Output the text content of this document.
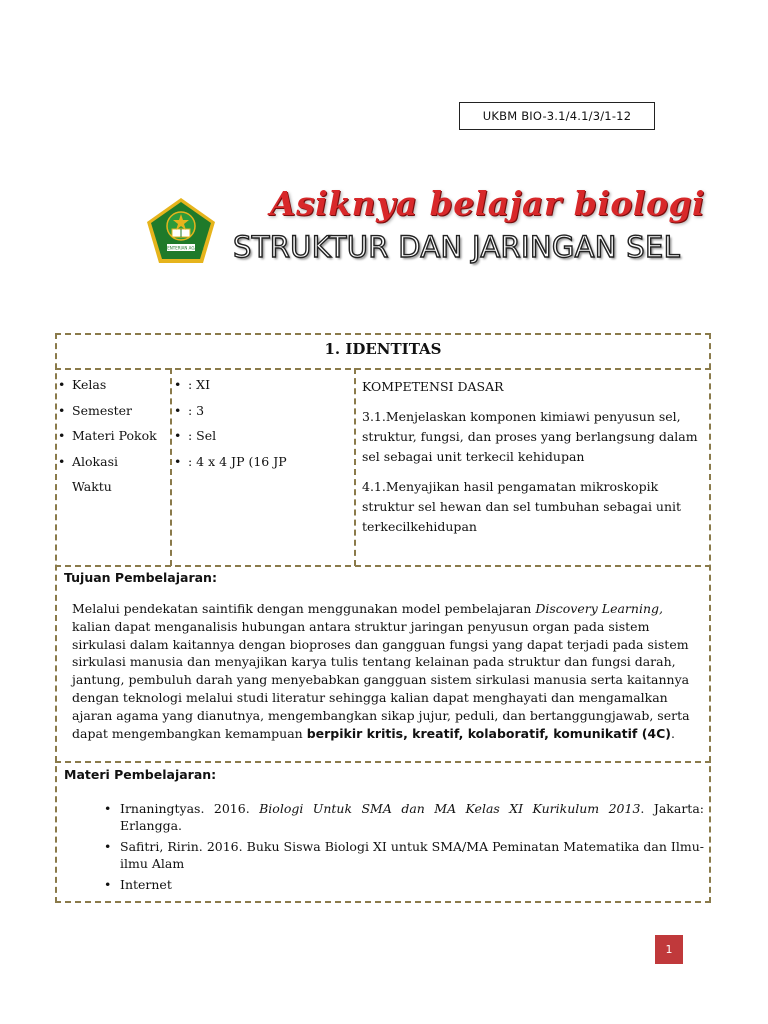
UKBM BIO-3.1/4.1/3/1-12
KEMENTERIAN AGAMA
Asiknya belajar biologi
STRUKTUR DAN JARINGAN SEL
1. IDENTITAS
• Kelas
• Semester
• Materi Pokok
• Alokasi
Waktu
• : XI
• : 3
• : Sel
• : 4 x 4 JP (16 JP

KOMPETENSI DASAR

3.1.Menjelaskan komponen kimiawi penyusun sel, struktur, fungsi, dan proses yang berlangsung dalam sel sebagai unit terkecil kehidupan

4.1.Menyajikan hasil pengamatan mikroskopik struktur sel hewan dan sel tumbuhan sebagai unit terkecilkehidupan

Tujuan Pembelajaran:
Melalui pendekatan saintifik dengan menggunakan model pembelajaran Discovery Learning, kalian dapat menganalisis hubungan antara struktur jaringan penyusun organ pada sistem sirkulasi dalam kaitannya dengan bioproses dan gangguan fungsi yang dapat terjadi pada sistem sirkulasi manusia dan menyajikan karya tulis tentang kelainan pada struktur dan fungsi darah, jantung, pembuluh darah yang menyebabkan gangguan sistem sirkulasi manusia serta kaitannya dengan teknologi melalui studi literatur sehingga kalian dapat menghayati dan mengamalkan ajaran agama yang dianutnya, mengembangkan sikap jujur, peduli, dan bertanggungjawab, serta dapat mengembangkan kemampuan berpikir kritis, kreatif, kolaboratif, komunikatif (4C).
Materi Pembelajaran:
• Irnaningtyas. 2016. Biologi Untuk SMA dan MA Kelas XI Kurikulum 2013. Jakarta: Erlangga.
• Safitri, Ririn. 2016. Buku Siswa Biologi XI untuk SMA/MA Peminatan Matematika dan Ilmu-ilmu Alam
• Internet
1
